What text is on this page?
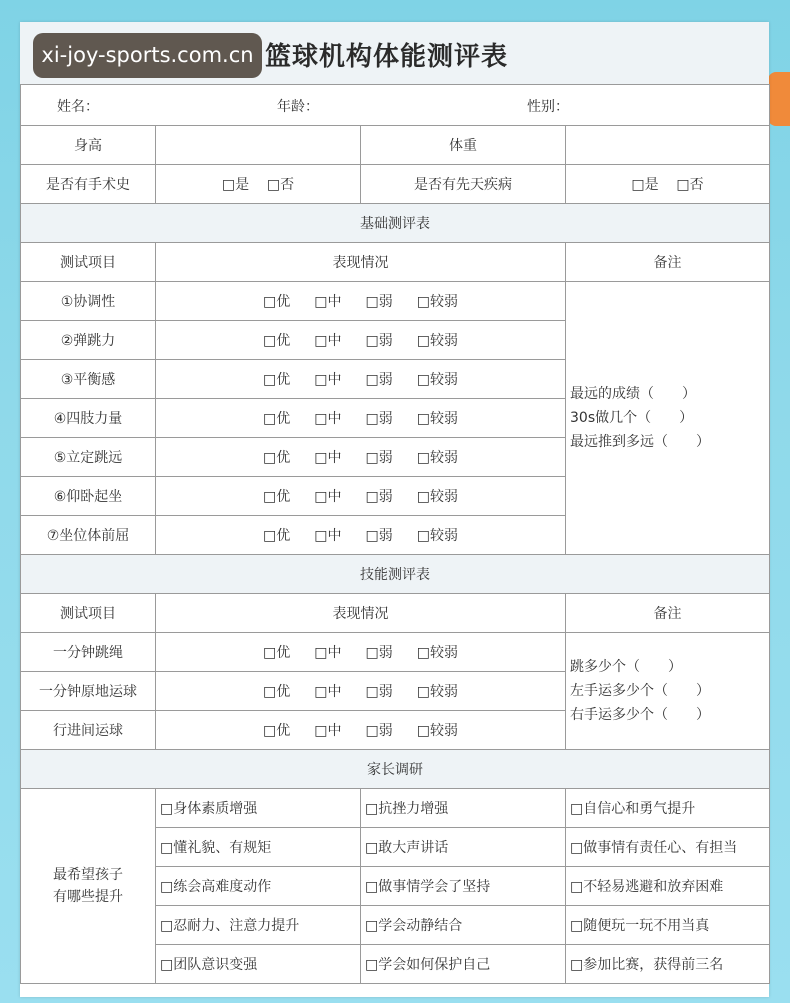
篮球机构体能测评表
姓名： 年龄： 性别：			

身高		体重	
是否有手术史	□是 □否	是否有先天疾病	□是 □否
基础测评表			
测试项目	表现情况		备注
①协调性	□优 □中 □弱 □较弱		最远的成绩（　　）
30s做几个（　　）
最远推到多远（　　）

②弹跳力	□优 □中 □弱 □较弱		
③平衡感	□优 □中 □弱 □较弱		
④四肢力量	□优 □中 □弱 □较弱		
⑤立定跳远	□优 □中 □弱 □较弱		
⑥仰卧起坐	□优 □中 □弱 □较弱		
⑦坐位体前屈	□优 □中 □弱 □较弱		
技能测评表			
测试项目	表现情况		备注
一分钟跳绳	□优 □中 □弱 □较弱		跳多少个（　　）
左手运多少个（　　）
右手运多少个（　　）

一分钟原地运球	□优 □中 □弱 □较弱		
行进间运球	□优 □中 □弱 □较弱		
家长调研			

最希望孩子
有哪些提升	□身体素质增强	□抗挫力增强	□自信心和勇气提升
	□懂礼貌、有规矩	□敢大声讲话	□做事情有责任心、有担当
	□练会高难度动作	□做事情学会了坚持	□不轻易逃避和放弃困难
	□忍耐力、注意力提升	□学会动静结合	□随便玩一玩不用当真
	□团队意识变强	□学会如何保护自己	□参加比赛，获得前三名
xi-joy-sports.com.cn
